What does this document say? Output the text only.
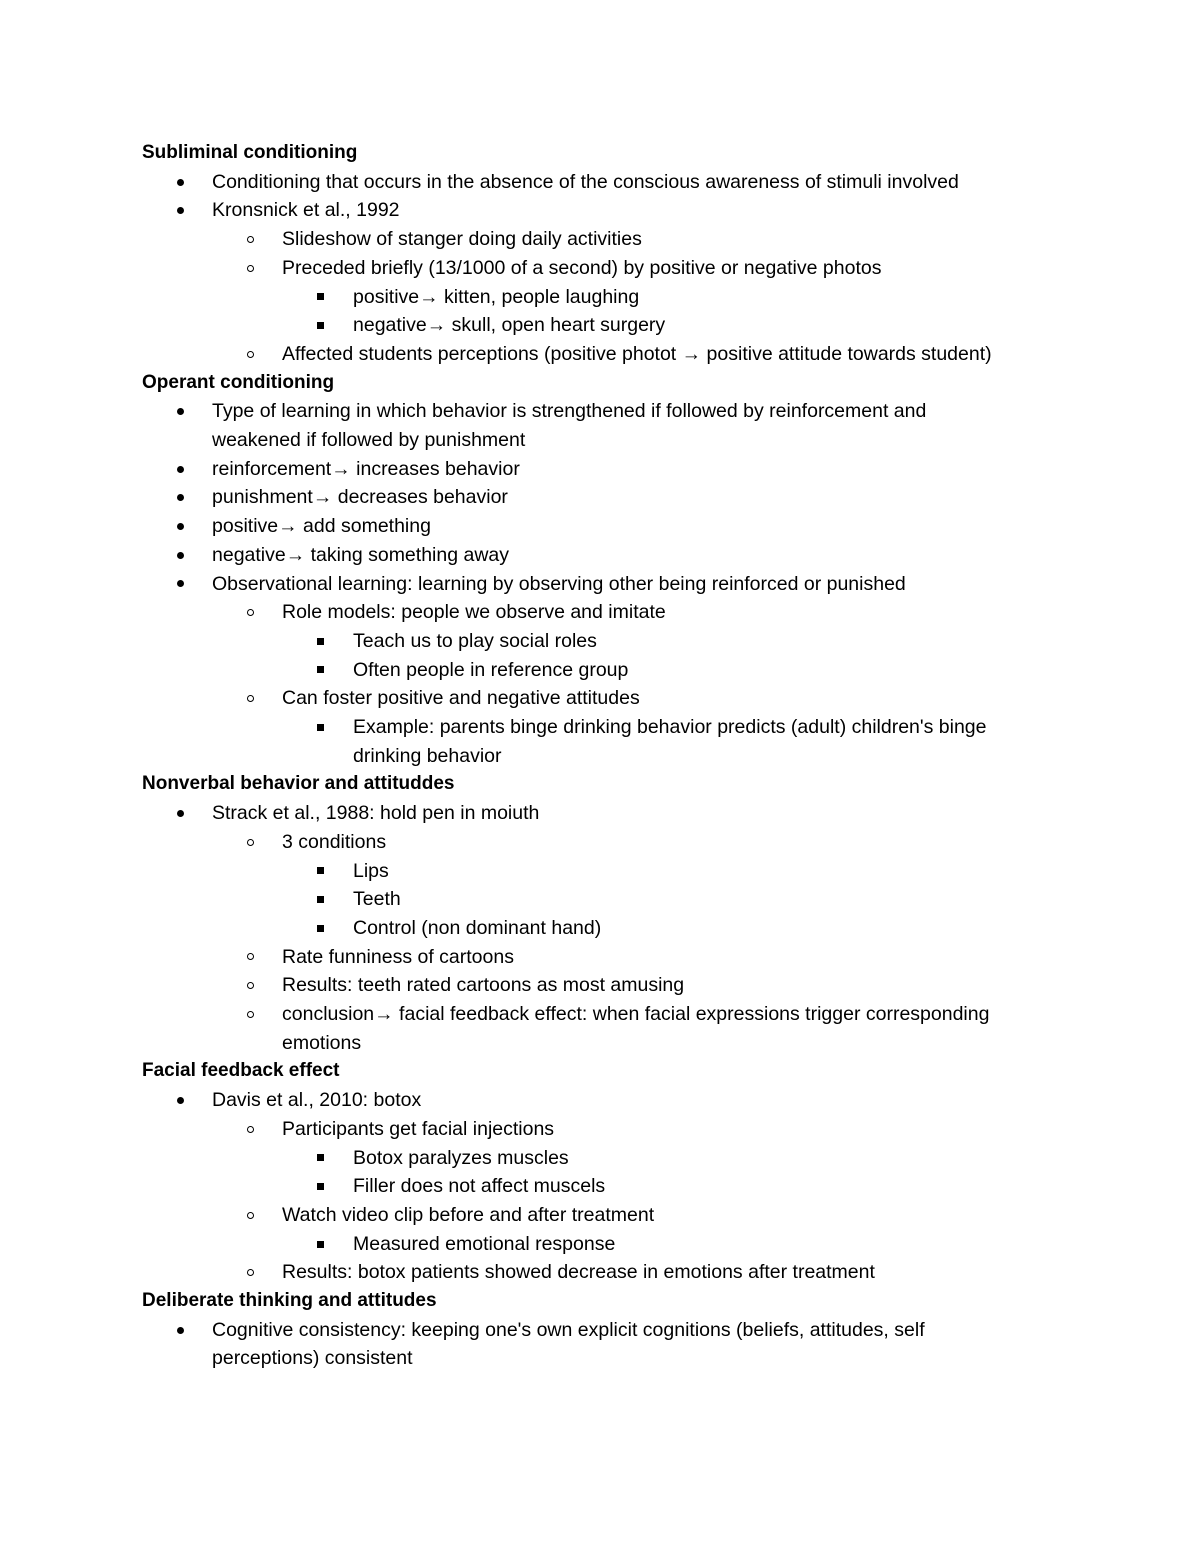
Subliminal conditioning
Conditioning that occurs in the absence of the conscious awareness of stimuli involved
Kronsnick et al., 1992
Slideshow of stanger doing daily activities
Preceded briefly (13/1000 of a second) by positive or negative photos
positive→ kitten, people laughing
negative→ skull, open heart surgery
Affected students perceptions (positive photot → positive attitude towards student)
Operant conditioning
Type of learning in which behavior is strengthened if followed by reinforcement and weakened if followed by punishment
reinforcement→ increases behavior
punishment→ decreases behavior
positive→ add something
negative→ taking something away
Observational learning: learning by observing other being reinforced or punished
Role models: people we observe and imitate
Teach us to play social roles
Often people in reference group
Can foster positive and negative attitudes
Example: parents binge drinking behavior predicts (adult) children's binge drinking behavior
Nonverbal behavior and attituddes
Strack et al., 1988: hold pen in moiuth
3 conditions
Lips
Teeth
Control (non dominant hand)
Rate funniness of cartoons
Results: teeth rated cartoons as most amusing
conclusion→ facial feedback effect: when facial expressions trigger corresponding emotions
Facial feedback effect
Davis et al., 2010: botox
Participants get facial injections
Botox paralyzes muscles
Filler does not affect muscels
Watch video clip before and after treatment
Measured emotional response
Results: botox patients showed decrease in emotions after treatment
Deliberate thinking and attitudes
Cognitive consistency: keeping one's own explicit cognitions (beliefs, attitudes, self perceptions) consistent
